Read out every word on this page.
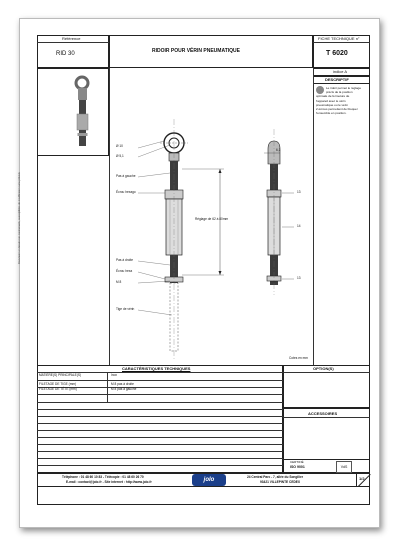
Document et dessin non contractuels, susceptibles de modification sans préavis
Référence
RID 30	RIDOIR POUR VÉRIN PNEUMATIQUE
FICHE TECHNIQUE n°
T 6020
indice A
DESCRIPTIF
Le ridoir permet le réglage
précis de la position
optimale de fermeture de
l'appareil avec le vérin
pneumatique ou le vérin
2 écrous permettent de bloquer
l'ensemble en position.
Ø 10
Ø 5,1
Pas à gauche
Écrou hexago
Réglage de 62 à 80mm
Pas à droite
Écrou hexa
M 8
Tige de vérin
6,1
13
14
13
Cotes en mm
CARACTÉRISTIQUES TECHNIQUES
MATIÈRE(S) PRINCIPALE(S)	Inox
FILETAGE DE TIGE (mm)	M 8 pas à droite
FILETAGE DE TÊTE (mm)	M 8 pas à gauche
OPTION(S)
ACCESSOIRES
CERTIFIÉ
ISO 9001	VdS
Téléphone : 01 48 60 10 83 - Télécopie : 01 48 60 26 70
E-mail : contact@jolo.fr - Site internet : http://www.jolo.fr	jolo	24 Central Parc - 7, allée du Songilier
93421 VILLEPINTE CEDEX
1/2
